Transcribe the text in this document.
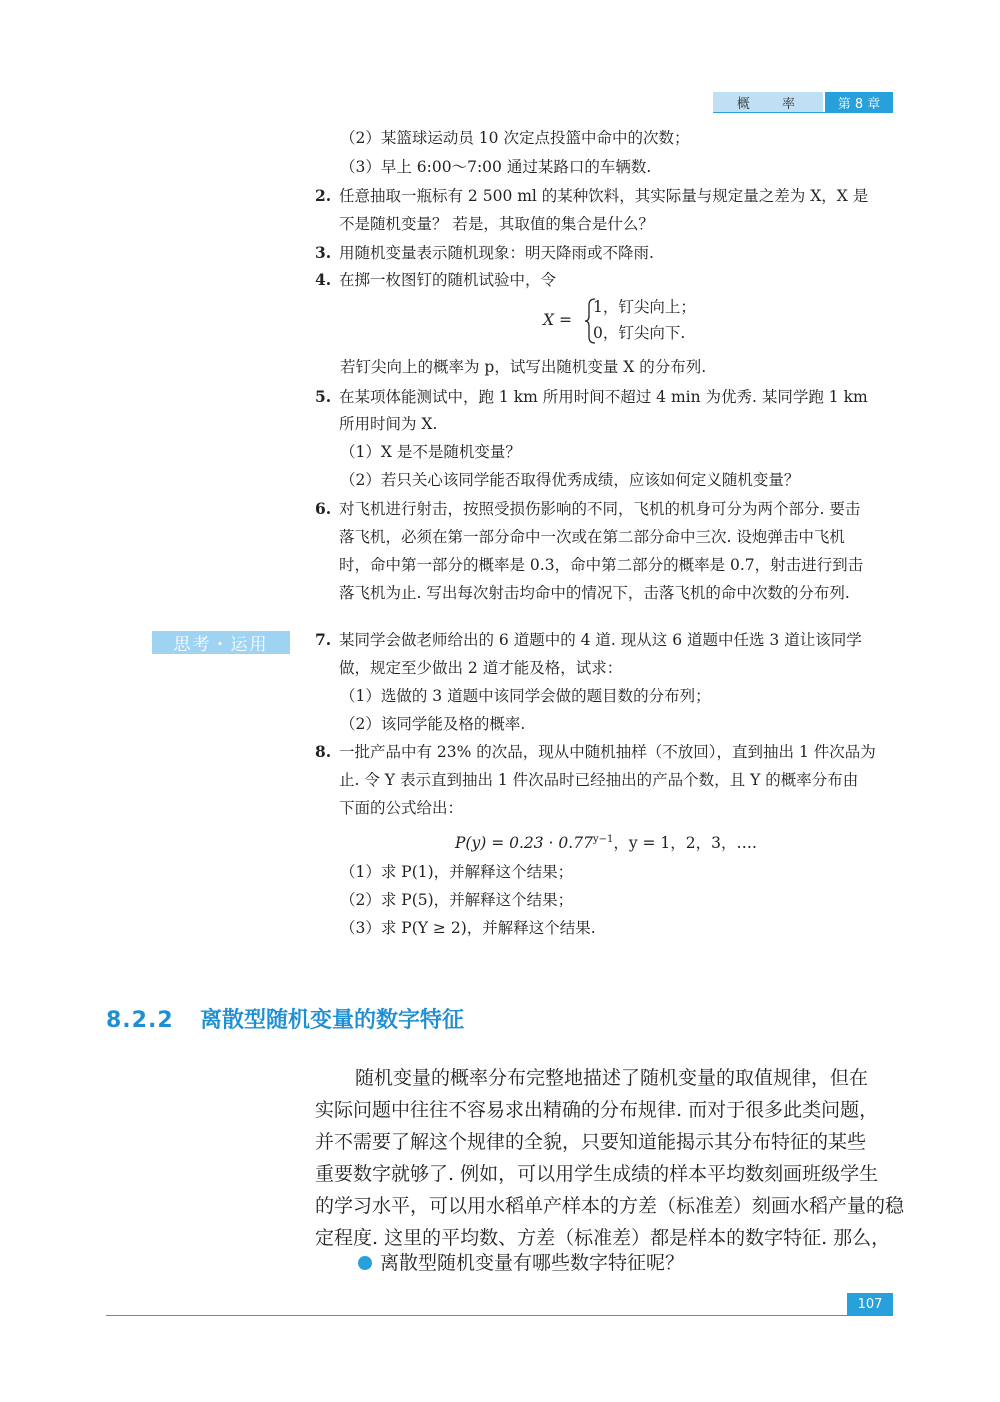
概 率	第 8 章
（2）某篮球运动员 10 次定点投篮中命中的次数；
（3）早上 6:00～7:00 通过某路口的车辆数.
2. 任意抽取一瓶标有 2 500 ml 的某种饮料，其实际量与规定量之差为 X，X 是
不是随机变量？ 若是，其取值的集合是什么？
3. 用随机变量表示随机现象：明天降雨或不降雨.
4. 在掷一枚图钉的随机试验中，令
X =
1，钉尖向上；
0，钉尖向下.
若钉尖向上的概率为 p，试写出随机变量 X 的分布列.
5. 在某项体能测试中，跑 1 km 所用时间不超过 4 min 为优秀. 某同学跑 1 km
所用时间为 X.
（1）X 是不是随机变量？
（2）若只关心该同学能否取得优秀成绩，应该如何定义随机变量？
6. 对飞机进行射击，按照受损伤影响的不同，飞机的机身可分为两个部分. 要击
落飞机，必须在第一部分命中一次或在第二部分命中三次. 设炮弹击中飞机
时，命中第一部分的概率是 0.3，命中第二部分的概率是 0.7，射击进行到击
落飞机为止. 写出每次射击均命中的情况下，击落飞机的命中次数的分布列.
思考・运用	7. 某同学会做老师给出的 6 道题中的 4 道. 现从这 6 道题中任选 3 道让该同学
做，规定至少做出 2 道才能及格，试求：
（1）选做的 3 道题中该同学会做的题目数的分布列；
（2）该同学能及格的概率.
8. 一批产品中有 23% 的次品，现从中随机抽样（不放回），直到抽出 1 件次品为
止. 令 Y 表示直到抽出 1 件次品时已经抽出的产品个数，且 Y 的概率分布由
下面的公式给出：
$P(y) = 0.23 \cdot 0.77^{y-1}$，y = 1，2，3，….
（1）求 P(1)，并解释这个结果；
（2）求 P(5)，并解释这个结果；
（3）求 P(Y ≥ 2)，并解释这个结果.
8.2.2 离散型随机变量的数字特征
随机变量的概率分布完整地描述了随机变量的取值规律，但在
实际问题中往往不容易求出精确的分布规律. 而对于很多此类问题，
并不需要了解这个规律的全貌，只要知道能揭示其分布特征的某些
重要数字就够了. 例如，可以用学生成绩的样本平均数刻画班级学生
的学习水平，可以用水稻单产样本的方差（标准差）刻画水稻产量的稳
定程度. 这里的平均数、方差（标准差）都是样本的数字特征. 那么，
离散型随机变量有哪些数字特征呢？
107
